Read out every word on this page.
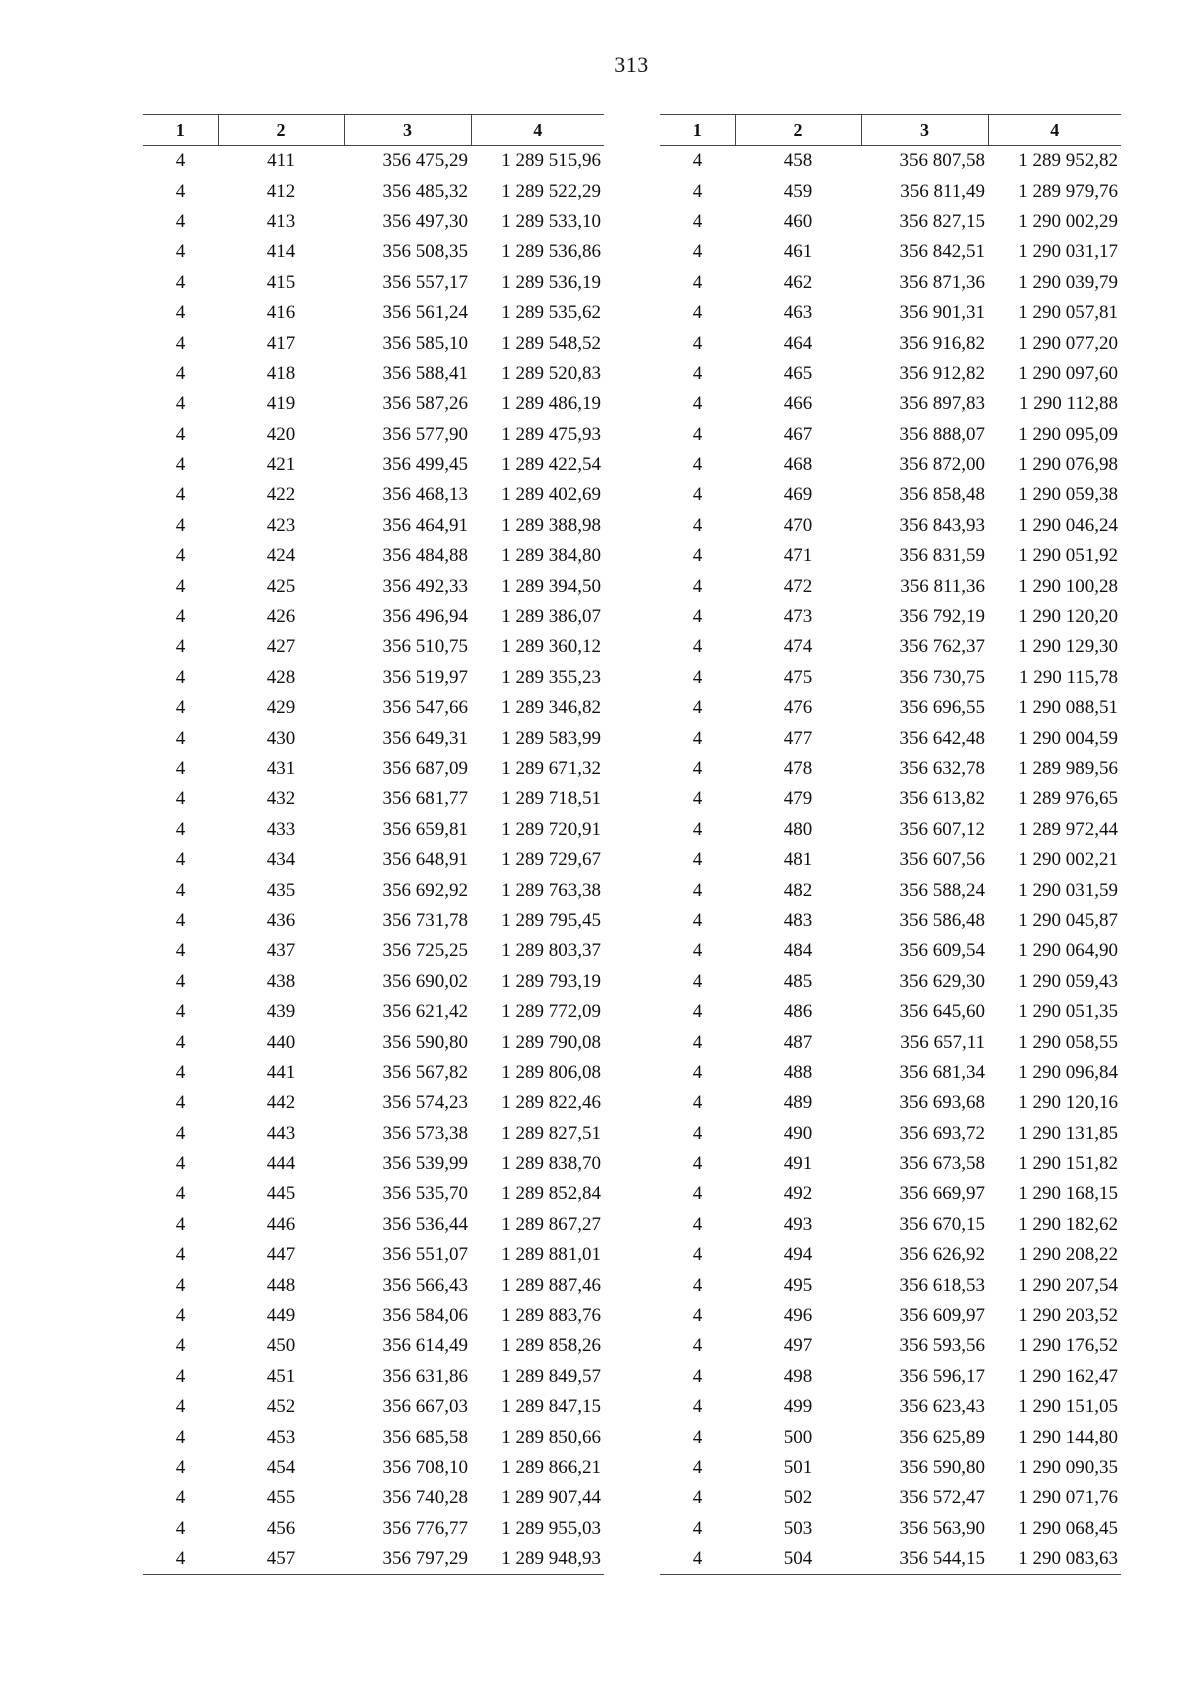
313
1	2	3	4
4	411	356 475,29	1 289 515,96
4	412	356 485,32	1 289 522,29
4	413	356 497,30	1 289 533,10
4	414	356 508,35	1 289 536,86
4	415	356 557,17	1 289 536,19
4	416	356 561,24	1 289 535,62
4	417	356 585,10	1 289 548,52
4	418	356 588,41	1 289 520,83
4	419	356 587,26	1 289 486,19
4	420	356 577,90	1 289 475,93
4	421	356 499,45	1 289 422,54
4	422	356 468,13	1 289 402,69
4	423	356 464,91	1 289 388,98
4	424	356 484,88	1 289 384,80
4	425	356 492,33	1 289 394,50
4	426	356 496,94	1 289 386,07
4	427	356 510,75	1 289 360,12
4	428	356 519,97	1 289 355,23
4	429	356 547,66	1 289 346,82
4	430	356 649,31	1 289 583,99
4	431	356 687,09	1 289 671,32
4	432	356 681,77	1 289 718,51
4	433	356 659,81	1 289 720,91
4	434	356 648,91	1 289 729,67
4	435	356 692,92	1 289 763,38
4	436	356 731,78	1 289 795,45
4	437	356 725,25	1 289 803,37
4	438	356 690,02	1 289 793,19
4	439	356 621,42	1 289 772,09
4	440	356 590,80	1 289 790,08
4	441	356 567,82	1 289 806,08
4	442	356 574,23	1 289 822,46
4	443	356 573,38	1 289 827,51
4	444	356 539,99	1 289 838,70
4	445	356 535,70	1 289 852,84
4	446	356 536,44	1 289 867,27
4	447	356 551,07	1 289 881,01
4	448	356 566,43	1 289 887,46
4	449	356 584,06	1 289 883,76
4	450	356 614,49	1 289 858,26
4	451	356 631,86	1 289 849,57
4	452	356 667,03	1 289 847,15
4	453	356 685,58	1 289 850,66
4	454	356 708,10	1 289 866,21
4	455	356 740,28	1 289 907,44
4	456	356 776,77	1 289 955,03
4	457	356 797,29	1 289 948,93
1	2	3	4
4	458	356 807,58	1 289 952,82
4	459	356 811,49	1 289 979,76
4	460	356 827,15	1 290 002,29
4	461	356 842,51	1 290 031,17
4	462	356 871,36	1 290 039,79
4	463	356 901,31	1 290 057,81
4	464	356 916,82	1 290 077,20
4	465	356 912,82	1 290 097,60
4	466	356 897,83	1 290 112,88
4	467	356 888,07	1 290 095,09
4	468	356 872,00	1 290 076,98
4	469	356 858,48	1 290 059,38
4	470	356 843,93	1 290 046,24
4	471	356 831,59	1 290 051,92
4	472	356 811,36	1 290 100,28
4	473	356 792,19	1 290 120,20
4	474	356 762,37	1 290 129,30
4	475	356 730,75	1 290 115,78
4	476	356 696,55	1 290 088,51
4	477	356 642,48	1 290 004,59
4	478	356 632,78	1 289 989,56
4	479	356 613,82	1 289 976,65
4	480	356 607,12	1 289 972,44
4	481	356 607,56	1 290 002,21
4	482	356 588,24	1 290 031,59
4	483	356 586,48	1 290 045,87
4	484	356 609,54	1 290 064,90
4	485	356 629,30	1 290 059,43
4	486	356 645,60	1 290 051,35
4	487	356 657,11	1 290 058,55
4	488	356 681,34	1 290 096,84
4	489	356 693,68	1 290 120,16
4	490	356 693,72	1 290 131,85
4	491	356 673,58	1 290 151,82
4	492	356 669,97	1 290 168,15
4	493	356 670,15	1 290 182,62
4	494	356 626,92	1 290 208,22
4	495	356 618,53	1 290 207,54
4	496	356 609,97	1 290 203,52
4	497	356 593,56	1 290 176,52
4	498	356 596,17	1 290 162,47
4	499	356 623,43	1 290 151,05
4	500	356 625,89	1 290 144,80
4	501	356 590,80	1 290 090,35
4	502	356 572,47	1 290 071,76
4	503	356 563,90	1 290 068,45
4	504	356 544,15	1 290 083,63
